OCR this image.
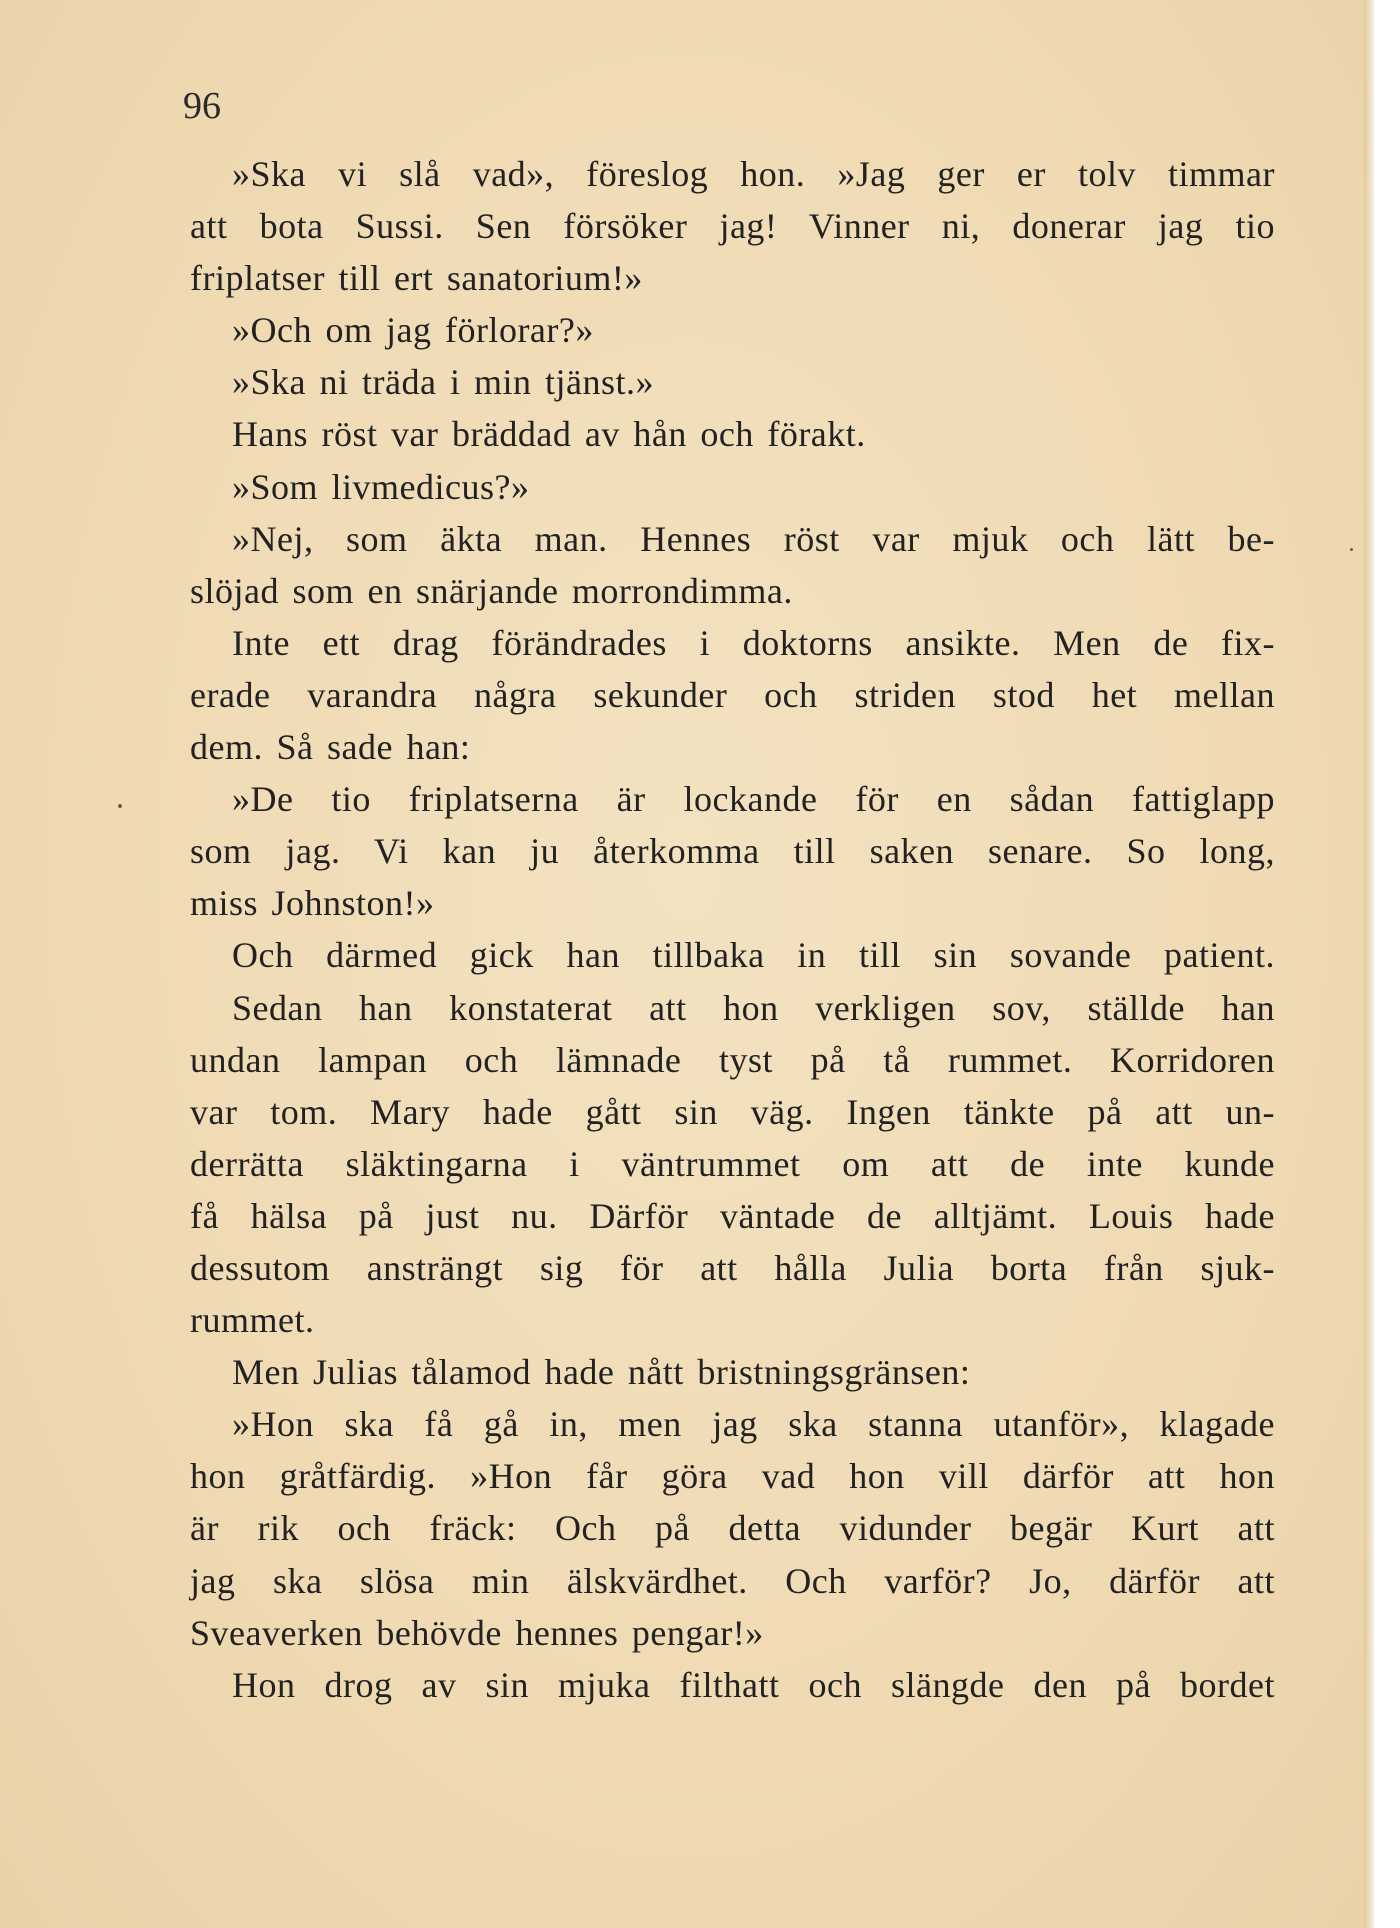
96

»Ska vi slå vad», föreslog hon. »Jag ger er tolv timmar
att bota Sussi. Sen försöker jag! Vinner ni, donerar jag tio
friplatser till ert sanatorium!»
»Och om jag förlorar?»
»Ska ni träda i min tjänst.»
Hans röst var bräddad av hån och förakt.
»Som livmedicus?»
»Nej, som äkta man. Hennes röst var mjuk och lätt be-
slöjad som en snärjande morrondimma.
Inte ett drag förändrades i doktorns ansikte. Men de fix-
erade varandra några sekunder och striden stod het mellan
dem. Så sade han:
»De tio friplatserna är lockande för en sådan fattiglapp
som jag. Vi kan ju återkomma till saken senare. So long,
miss Johnston!»
Och därmed gick han tillbaka in till sin sovande patient.
Sedan han konstaterat att hon verkligen sov, ställde han
undan lampan och lämnade tyst på tå rummet. Korridoren
var tom. Mary hade gått sin väg. Ingen tänkte på att un-
derrätta släktingarna i väntrummet om att de inte kunde
få hälsa på just nu. Därför väntade de alltjämt. Louis hade
dessutom ansträngt sig för att hålla Julia borta från sjuk-
rummet.
Men Julias tålamod hade nått bristningsgränsen:
»Hon ska få gå in, men jag ska stanna utanför», klagade
hon gråtfärdig. »Hon får göra vad hon vill därför att hon
är rik och fräck: Och på detta vidunder begär Kurt att
jag ska slösa min älskvärdhet. Och varför? Jo, därför att
Sveaverken behövde hennes pengar!»
Hon drog av sin mjuka filthatt och slängde den på bordet
